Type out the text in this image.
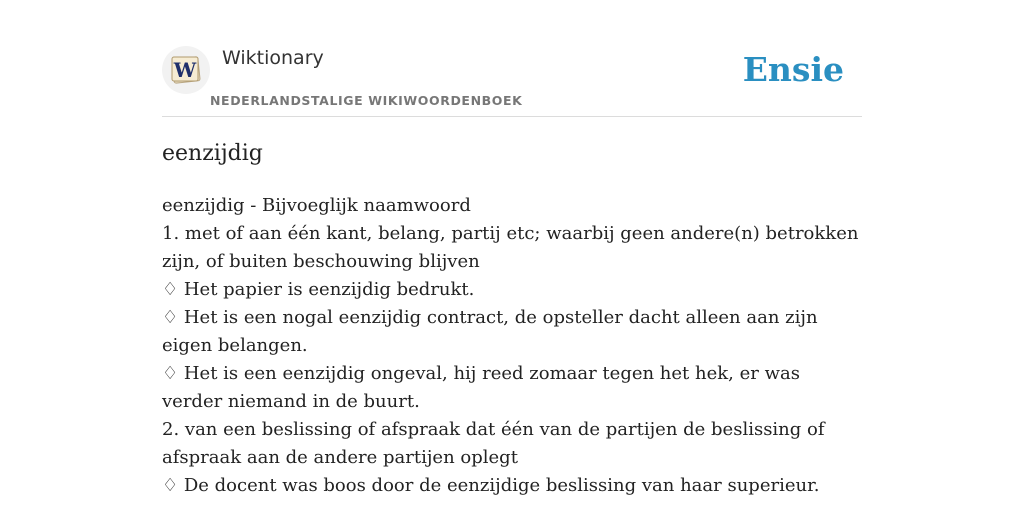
W Wiktionary
NEDERLANDSTALIGE WIKIWOORDENBOEK
Ensie
eenzijdig
eenzijdig - Bijvoeglijk naamwoord
1. met of aan één kant, belang, partij etc; waarbij geen andere(n) betrokken zijn, of buiten beschouwing blijven
♢ Het papier is eenzijdig bedrukt.
♢ Het is een nogal eenzijdig contract, de opsteller dacht alleen aan zijn eigen belangen.
♢ Het is een eenzijdig ongeval, hij reed zomaar tegen het hek, er was verder niemand in de buurt.
2. van een beslissing of afspraak dat één van de partijen de beslissing of afspraak aan de andere partijen oplegt
♢ De docent was boos door de eenzijdige beslissing van haar superieur.
